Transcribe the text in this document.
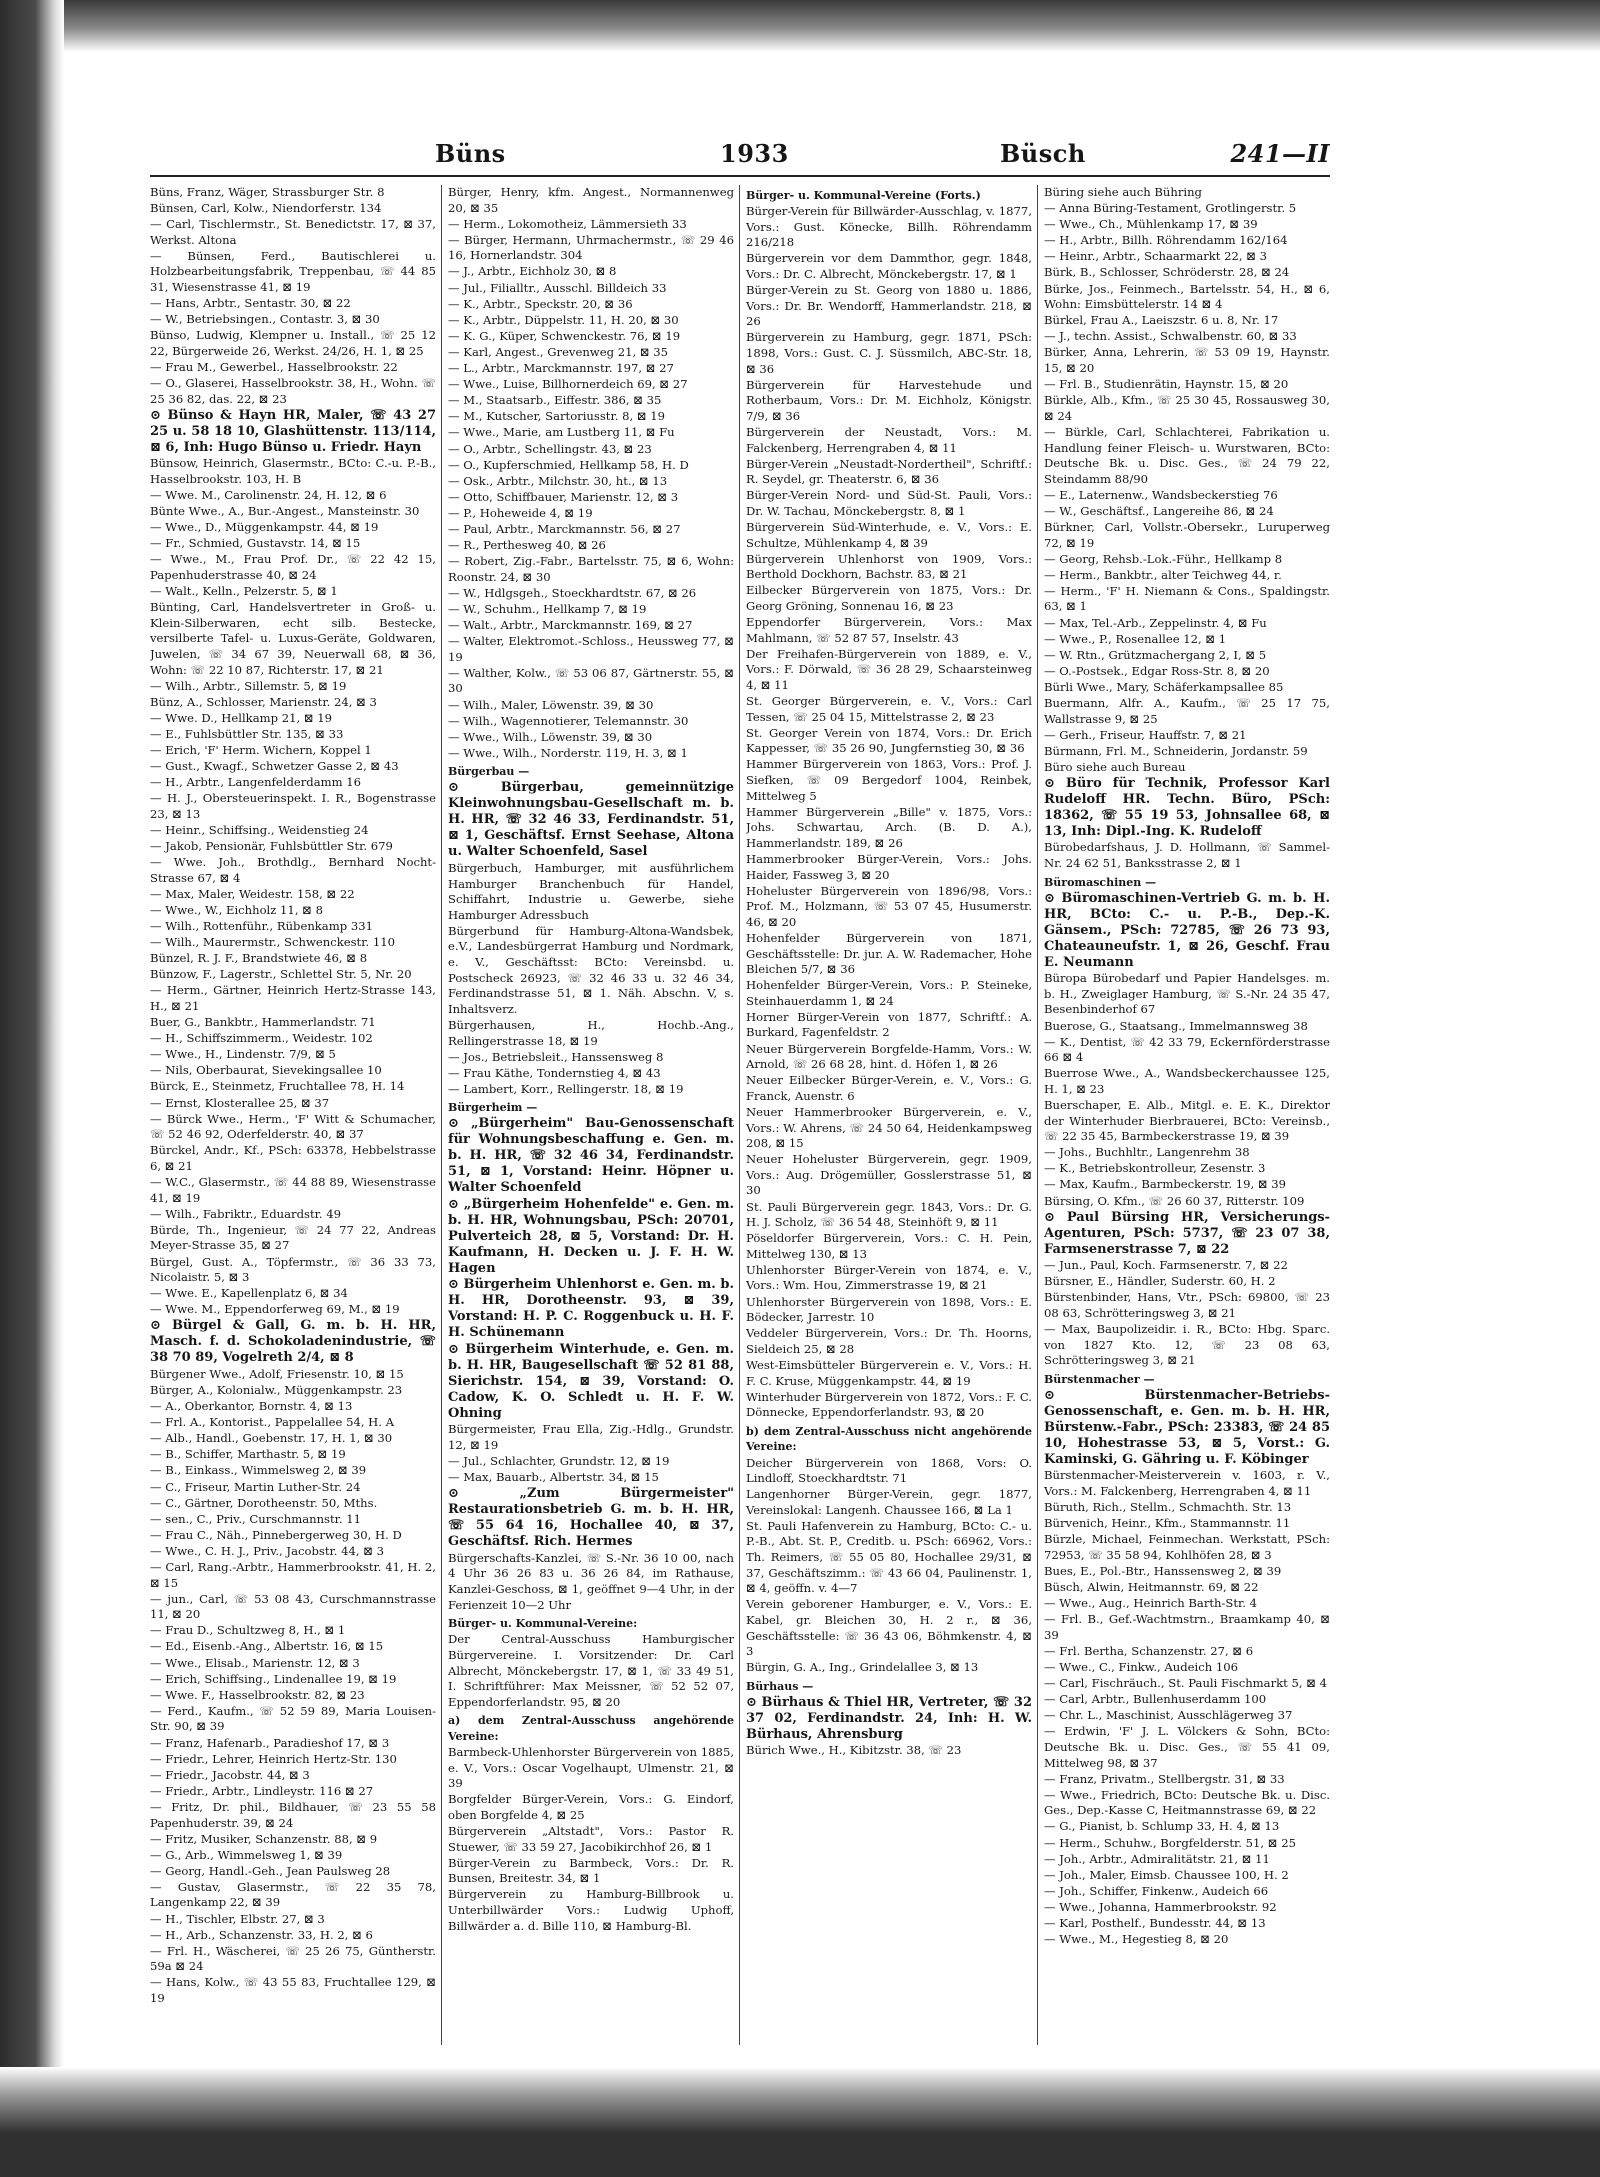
Büns	1933	Büsch	241—II
Büns, Franz, Wäger, Strassburger Str. 8
Bünsen, Carl, Kolw., Niendorferstr. 134
— Carl, Tischlermstr., St. Benedictstr. 17, ⊠ 37, Werkst. Altona
— Bünsen, Ferd., Bautischlerei u. Holzbearbeitungsfabrik, Treppenbau, ☏ 44 85 31, Wiesenstrasse 41, ⊠ 19
— Hans, Arbtr., Sentastr. 30, ⊠ 22
— W., Betriebsingen., Contastr. 3, ⊠ 30
Bünso, Ludwig, Klempner u. Install., ☏ 25 12 22, Bürgerweide 26, Werkst. 24/26, H. 1, ⊠ 25
— Frau M., Gewerbel., Hasselbrookstr. 22
— O., Glaserei, Hasselbrookstr. 38, H., Wohn. ☏ 25 36 82, das. 22, ⊠ 23
⊙ Bünso & Hayn HR, Maler, ☏ 43 27 25 u. 58 18 10, Glashüttenstr. 113/114, ⊠ 6, Inh: Hugo Bünso u. Friedr. Hayn
Bünsow, Heinrich, Glasermstr., BCto: C.-u. P.-B., Hasselbrookstr. 103, H. B
— Wwe. M., Carolinenstr. 24, H. 12, ⊠ 6
Bünte Wwe., A., Bur.-Angest., Mansteinstr. 30
— Wwe., D., Müggenkampstr. 44, ⊠ 19
— Fr., Schmied, Gustavstr. 14, ⊠ 15
— Wwe., M., Frau Prof. Dr., ☏ 22 42 15, Papenhuderstrasse 40, ⊠ 24
— Walt., Kelln., Pelzerstr. 5, ⊠ 1
Bünting, Carl, Handelsvertreter in Groß- u. Klein-Silberwaren, echt silb. Bestecke, versilberte Tafel- u. Luxus-Geräte, Goldwaren, Juwelen, ☏ 34 67 39, Neuerwall 68, ⊠ 36, Wohn: ☏ 22 10 87, Richterstr. 17, ⊠ 21
— Wilh., Arbtr., Sillemstr. 5, ⊠ 19
Bünz, A., Schlosser, Marienstr. 24, ⊠ 3
— Wwe. D., Hellkamp 21, ⊠ 19
— E., Fuhlsbüttler Str. 135, ⊠ 33
— Erich, 'F' Herm. Wichern, Koppel 1
— Gust., Kwagf., Schwetzer Gasse 2, ⊠ 43
— H., Arbtr., Langenfelderdamm 16
— H. J., Obersteuerinspekt. I. R., Bogenstrasse 23, ⊠ 13
— Heinr., Schiffsing., Weidenstieg 24
— Jakob, Pensionär, Fuhlsbüttler Str. 679
— Wwe. Joh., Brothdlg., Bernhard Nocht-Strasse 67, ⊠ 4
— Max, Maler, Weidestr. 158, ⊠ 22
— Wwe., W., Eichholz 11, ⊠ 8
— Wilh., Rottenführ., Rübenkamp 331
— Wilh., Maurermstr., Schwenckestr. 110
Bünzel, R. J. F., Brandstwiete 46, ⊠ 8
Bünzow, F., Lagerstr., Schlettel Str. 5, Nr. 20
— Herm., Gärtner, Heinrich Hertz-Strasse 143, H., ⊠ 21
Buer, G., Bankbtr., Hammerlandstr. 71
— H., Schiffszimmerm., Weidestr. 102
— Wwe., H., Lindenstr. 7/9, ⊠ 5
— Nils, Oberbaurat, Sievekingsallee 10
Bürck, E., Steinmetz, Fruchtallee 78, H. 14
— Ernst, Klosterallee 25, ⊠ 37
— Bürck Wwe., Herm., 'F' Witt & Schumacher, ☏ 52 46 92, Oderfelderstr. 40, ⊠ 37
Bürckel, Andr., Kf., PSch: 63378, Hebbelstrasse 6, ⊠ 21
— W.C., Glasermstr., ☏ 44 88 89, Wiesenstrasse 41, ⊠ 19
— Wilh., Fabriktr., Eduardstr. 49
Bürde, Th., Ingenieur, ☏ 24 77 22, Andreas Meyer-Strasse 35, ⊠ 27
Bürgel, Gust. A., Töpfermstr., ☏ 36 33 73, Nicolaistr. 5, ⊠ 3
— Wwe. E., Kapellenplatz 6, ⊠ 34
— Wwe. M., Eppendorferweg 69, M., ⊠ 19
⊙ Bürgel & Gall, G. m. b. H. HR, Masch. f. d. Schokoladenindustrie, ☏ 38 70 89, Vogelreth 2/4, ⊠ 8
Bürgener Wwe., Adolf, Friesenstr. 10, ⊠ 15
Bürger, A., Kolonialw., Müggenkampstr. 23
— A., Oberkantor, Bornstr. 4, ⊠ 13
— Frl. A., Kontorist., Pappelallee 54, H. A
— Alb., Handl., Goebenstr. 17, H. 1, ⊠ 30
— B., Schiffer, Marthastr. 5, ⊠ 19
— B., Einkass., Wimmelsweg 2, ⊠ 39
— C., Friseur, Martin Luther-Str. 24
— C., Gärtner, Dorotheenstr. 50, Mths.
— sen., C., Priv., Curschmannstr. 11
— Frau C., Näh., Pinnebergerweg 30, H. D
— Wwe., C. H. J., Priv., Jacobstr. 44, ⊠ 3
— Carl, Rang.-Arbtr., Hammerbrookstr. 41, H. 2, ⊠ 15
— jun., Carl, ☏ 53 08 43, Curschmannstrasse 11, ⊠ 20
— Frau D., Schultzweg 8, H., ⊠ 1
— Ed., Eisenb.-Ang., Albertstr. 16, ⊠ 15
— Wwe., Elisab., Marienstr. 12, ⊠ 3
— Erich, Schiffsing., Lindenallee 19, ⊠ 19
— Wwe. F., Hasselbrookstr. 82, ⊠ 23
— Ferd., Kaufm., ☏ 52 59 89, Maria Louisen-Str. 90, ⊠ 39
— Franz, Hafenarb., Paradieshof 17, ⊠ 3
— Friedr., Lehrer, Heinrich Hertz-Str. 130
— Friedr., Jacobstr. 44, ⊠ 3
— Friedr., Arbtr., Lindleystr. 116 ⊠ 27
— Fritz, Dr. phil., Bildhauer, ☏ 23 55 58 Papenhuderstr. 39, ⊠ 24
— Fritz, Musiker, Schanzenstr. 88, ⊠ 9
— G., Arb., Wimmelsweg 1, ⊠ 39
— Georg, Handl.-Geh., Jean Paulsweg 28
— Gustav, Glasermstr., ☏ 22 35 78, Langenkamp 22, ⊠ 39
— H., Tischler, Elbstr. 27, ⊠ 3
— H., Arb., Schanzenstr. 33, H. 2, ⊠ 6
— Frl. H., Wäscherei, ☏ 25 26 75, Güntherstr. 59a ⊠ 24
— Hans, Kolw., ☏ 43 55 83, Fruchtallee 129, ⊠ 19
Bürger, Henry, kfm. Angest., Normannenweg 20, ⊠ 35
— Herm., Lokomotheiz, Lämmersieth 33
— Bürger, Hermann, Uhrmachermstr., ☏ 29 46 16, Hornerlandstr. 304
— J., Arbtr., Eichholz 30, ⊠ 8
— Jul., Filialltr., Ausschl. Billdeich 33
— K., Arbtr., Speckstr. 20, ⊠ 36
— K., Arbtr., Düppelstr. 11, H. 20, ⊠ 30
— K. G., Küper, Schwenckestr. 76, ⊠ 19
— Karl, Angest., Grevenweg 21, ⊠ 35
— L., Arbtr., Marckmannstr. 197, ⊠ 27
— Wwe., Luise, Billhornerdeich 69, ⊠ 27
— M., Staatsarb., Eiffestr. 386, ⊠ 35
— M., Kutscher, Sartoriusstr. 8, ⊠ 19
— Wwe., Marie, am Lustberg 11, ⊠ Fu
— O., Arbtr., Schellingstr. 43, ⊠ 23
— O., Kupferschmied, Hellkamp 58, H. D
— Osk., Arbtr., Milchstr. 30, ht., ⊠ 13
— Otto, Schiffbauer, Marienstr. 12, ⊠ 3
— P., Hoheweide 4, ⊠ 19
— Paul, Arbtr., Marckmannstr. 56, ⊠ 27
— R., Perthesweg 40, ⊠ 26
— Robert, Zig.-Fabr., Bartelsstr. 75, ⊠ 6, Wohn: Roonstr. 24, ⊠ 30
— W., Hdlgsgeh., Stoeckhardtstr. 67, ⊠ 26
— W., Schuhm., Hellkamp 7, ⊠ 19
— Walt., Arbtr., Marckmannstr. 169, ⊠ 27
— Walter, Elektromot.-Schloss., Heussweg 77, ⊠ 19
— Walther, Kolw., ☏ 53 06 87, Gärtnerstr. 55, ⊠ 30
— Wilh., Maler, Löwenstr. 39, ⊠ 30
— Wilh., Wagennotierer, Telemannstr. 30
— Wwe., Wilh., Löwenstr. 39, ⊠ 30
— Wwe., Wilh., Norderstr. 119, H. 3, ⊠ 1
Bürgerbau —
⊙ Bürgerbau, gemeinnützige Kleinwohnungsbau-Gesellschaft m. b. H. HR, ☏ 32 46 33, Ferdinandstr. 51, ⊠ 1, Geschäftsf. Ernst Seehase, Altona u. Walter Schoenfeld, Sasel
Bürgerbuch, Hamburger, mit ausführlichem Hamburger Branchenbuch für Handel, Schiffahrt, Industrie u. Gewerbe, siehe Hamburger Adressbuch
Bürgerbund für Hamburg-Altona-Wandsbek, e.V., Landesbürgerrat Hamburg und Nordmark, e. V., Geschäftsst: BCto: Vereinsbd. u. Postscheck 26923, ☏ 32 46 33 u. 32 46 34, Ferdinandstrasse 51, ⊠ 1. Näh. Abschn. V, s. Inhaltsverz.
Bürgerhausen, H., Hochb.-Ang., Rellingerstrasse 18, ⊠ 19
— Jos., Betriebsleit., Hanssensweg 8
— Frau Käthe, Tondernstieg 4, ⊠ 43
— Lambert, Korr., Rellingerstr. 18, ⊠ 19
Bürgerheim —
⊙ „Bürgerheim" Bau-Genossenschaft für Wohnungsbeschaffung e. Gen. m. b. H. HR, ☏ 32 46 34, Ferdinandstr. 51, ⊠ 1, Vorstand: Heinr. Höpner u. Walter Schoenfeld
⊙ „Bürgerheim Hohenfelde" e. Gen. m. b. H. HR, Wohnungsbau, PSch: 20701, Pulverteich 28, ⊠ 5, Vorstand: Dr. H. Kaufmann, H. Decken u. J. F. H. W. Hagen
⊙ Bürgerheim Uhlenhorst e. Gen. m. b. H. HR, Dorotheenstr. 93, ⊠ 39, Vorstand: H. P. C. Roggenbuck u. H. F. H. Schünemann
⊙ Bürgerheim Winterhude, e. Gen. m. b. H. HR, Baugesellschaft ☏ 52 81 88, Sierichstr. 154, ⊠ 39, Vorstand: O. Cadow, K. O. Schledt u. H. F. W. Ohning
Bürgermeister, Frau Ella, Zig.-Hdlg., Grundstr. 12, ⊠ 19
— Jul., Schlachter, Grundstr. 12, ⊠ 19
— Max, Bauarb., Albertstr. 34, ⊠ 15
⊙ „Zum Bürgermeister" Restaurationsbetrieb G. m. b. H. HR, ☏ 55 64 16, Hochallee 40, ⊠ 37, Geschäftsf. Rich. Hermes
Bürgerschafts-Kanzlei, ☏ S.-Nr. 36 10 00, nach 4 Uhr 36 26 83 u. 36 26 84, im Rathause, Kanzlei-Geschoss, ⊠ 1, geöffnet 9—4 Uhr, in der Ferienzeit 10—2 Uhr
Bürger- u. Kommunal-Vereine:
Der Central-Ausschuss Hamburgischer Bürgervereine. I. Vorsitzender: Dr. Carl Albrecht, Mönckebergstr. 17, ⊠ 1, ☏ 33 49 51, I. Schriftführer: Max Meissner, ☏ 52 52 07, Eppendorferlandstr. 95, ⊠ 20
a) dem Zentral-Ausschuss angehörende Vereine:
Barmbeck-Uhlenhorster Bürgerverein von 1885, e. V., Vors.: Oscar Vogelhaupt, Ulmenstr. 21, ⊠ 39
Borgfelder Bürger-Verein, Vors.: G. Eindorf, oben Borgfelde 4, ⊠ 25
Bürgerverein „Altstadt", Vors.: Pastor R. Stuewer, ☏ 33 59 27, Jacobikirchhof 26, ⊠ 1
Bürger-Verein zu Barmbeck, Vors.: Dr. R. Bunsen, Breitestr. 34, ⊠ 1
Bürgerverein zu Hamburg-Billbrook u. Unterbillwärder Vors.: Ludwig Uphoff, Billwärder a. d. Bille 110, ⊠ Hamburg-Bl.
Bürger- u. Kommunal-Vereine (Forts.)
Bürger-Verein für Billwärder-Ausschlag, v. 1877, Vors.: Gust. Könecke, Billh. Röhrendamm 216/218
Bürgerverein vor dem Dammthor, gegr. 1848, Vors.: Dr. C. Albrecht, Mönckebergstr. 17, ⊠ 1
Bürger-Verein zu St. Georg von 1880 u. 1886, Vors.: Dr. Br. Wendorff, Hammerlandstr. 218, ⊠ 26
Bürgerverein zu Hamburg, gegr. 1871, PSch: 1898, Vors.: Gust. C. J. Süssmilch, ABC-Str. 18, ⊠ 36
Bürgerverein für Harvestehude und Rotherbaum, Vors.: Dr. M. Eichholz, Königstr. 7/9, ⊠ 36
Bürgerverein der Neustadt, Vors.: M. Falckenberg, Herrengraben 4, ⊠ 11
Bürger-Verein „Neustadt-Nordertheil", Schriftf.: R. Seydel, gr. Theaterstr. 6, ⊠ 36
Bürger-Verein Nord- und Süd-St. Pauli, Vors.: Dr. W. Tachau, Mönckebergstr. 8, ⊠ 1
Bürgerverein Süd-Winterhude, e. V., Vors.: E. Schultze, Mühlenkamp 4, ⊠ 39
Bürgerverein Uhlenhorst von 1909, Vors.: Berthold Dockhorn, Bachstr. 83, ⊠ 21
Eilbecker Bürgerverein von 1875, Vors.: Dr. Georg Gröning, Sonnenau 16, ⊠ 23
Eppendorfer Bürgerverein, Vors.: Max Mahlmann, ☏ 52 87 57, Inselstr. 43
Der Freihafen-Bürgerverein von 1889, e. V., Vors.: F. Dörwald, ☏ 36 28 29, Schaarsteinweg 4, ⊠ 11
St. Georger Bürgerverein, e. V., Vors.: Carl Tessen, ☏ 25 04 15, Mittelstrasse 2, ⊠ 23
St. Georger Verein von 1874, Vors.: Dr. Erich Kappesser, ☏ 35 26 90, Jungfernstieg 30, ⊠ 36
Hammer Bürgerverein von 1863, Vors.: Prof. J. Siefken, ☏ 09 Bergedorf 1004, Reinbek, Mittelweg 5
Hammer Bürgerverein „Bille" v. 1875, Vors.: Johs. Schwartau, Arch. (B. D. A.), Hammerlandstr. 189, ⊠ 26
Hammerbrooker Bürger-Verein, Vors.: Johs. Haider, Fassweg 3, ⊠ 20
Hoheluster Bürgerverein von 1896/98, Vors.: Prof. M., Holzmann, ☏ 53 07 45, Husumerstr. 46, ⊠ 20
Hohenfelder Bürgerverein von 1871, Geschäftsstelle: Dr. jur. A. W. Rademacher, Hohe Bleichen 5/7, ⊠ 36
Hohenfelder Bürger-Verein, Vors.: P. Steineke, Steinhauerdamm 1, ⊠ 24
Horner Bürger-Verein von 1877, Schriftf.: A. Burkard, Fagenfeldstr. 2
Neuer Bürgerverein Borgfelde-Hamm, Vors.: W. Arnold, ☏ 26 68 28, hint. d. Höfen 1, ⊠ 26
Neuer Eilbecker Bürger-Verein, e. V., Vors.: G. Franck, Auenstr. 6
Neuer Hammerbrooker Bürgerverein, e. V., Vors.: W. Ahrens, ☏ 24 50 64, Heidenkampsweg 208, ⊠ 15
Neuer Hoheluster Bürgerverein, gegr. 1909, Vors.: Aug. Drögemüller, Gosslerstrasse 51, ⊠ 30
St. Pauli Bürgerverein gegr. 1843, Vors.: Dr. G. H. J. Scholz, ☏ 36 54 48, Steinhöft 9, ⊠ 11
Pöseldorfer Bürgerverein, Vors.: C. H. Pein, Mittelweg 130, ⊠ 13
Uhlenhorster Bürger-Verein von 1874, e. V., Vors.: Wm. Hou, Zimmerstrasse 19, ⊠ 21
Uhlenhorster Bürgerverein von 1898, Vors.: E. Bödecker, Jarrestr. 10
Veddeler Bürgerverein, Vors.: Dr. Th. Hoorns, Sieldeich 25, ⊠ 28
West-Eimsbütteler Bürgerverein e. V., Vors.: H. F. C. Kruse, Müggenkampstr. 44, ⊠ 19
Winterhuder Bürgerverein von 1872, Vors.: F. C. Dönnecke, Eppendorferlandstr. 93, ⊠ 20
b) dem Zentral-Ausschuss nicht angehörende Vereine:
Deicher Bürgerverein von 1868, Vors: O. Lindloff, Stoeckhardtstr. 71
Langenhorner Bürger-Verein, gegr. 1877, Vereinslokal: Langenh. Chaussee 166, ⊠ La 1
St. Pauli Hafenverein zu Hamburg, BCto: C.- u. P.-B., Abt. St. P., Creditb. u. PSch: 66962, Vors.: Th. Reimers, ☏ 55 05 80, Hochallee 29/31, ⊠ 37, Geschäftszimm.: ☏ 43 66 04, Paulinenstr. 1, ⊠ 4, geöffn. v. 4—7
Verein geborener Hamburger, e. V., Vors.: E. Kabel, gr. Bleichen 30, H. 2 r., ⊠ 36, Geschäftsstelle: ☏ 36 43 06, Böhmkenstr. 4, ⊠ 3
Bürgin, G. A., Ing., Grindelallee 3, ⊠ 13
Bürhaus —
⊙ Bürhaus & Thiel HR, Vertreter, ☏ 32 37 02, Ferdinandstr. 24, Inh: H. W. Bürhaus, Ahrensburg
Bürich Wwe., H., Kibitzstr. 38, ☏ 23
Büring siehe auch Bühring
— Anna Büring-Testament, Grotlingerstr. 5
— Wwe., Ch., Mühlenkamp 17, ⊠ 39
— H., Arbtr., Billh. Röhrendamm 162/164
— Heinr., Arbtr., Schaarmarkt 22, ⊠ 3
Bürk, B., Schlosser, Schröderstr. 28, ⊠ 24
Bürke, Jos., Feinmech., Bartelsstr. 54, H., ⊠ 6, Wohn: Eimsbüttelerstr. 14 ⊠ 4
Bürkel, Frau A., Laeiszstr. 6 u. 8, Nr. 17
— J., techn. Assist., Schwalbenstr. 60, ⊠ 33
Bürker, Anna, Lehrerin, ☏ 53 09 19, Haynstr. 15, ⊠ 20
— Frl. B., Studienrätin, Haynstr. 15, ⊠ 20
Bürkle, Alb., Kfm., ☏ 25 30 45, Rossausweg 30, ⊠ 24
— Bürkle, Carl, Schlachterei, Fabrikation u. Handlung feiner Fleisch- u. Wurstwaren, BCto: Deutsche Bk. u. Disc. Ges., ☏ 24 79 22, Steindamm 88/90
— E., Laternenw., Wandsbeckerstieg 76
— W., Geschäftsf., Langereihe 86, ⊠ 24
Bürkner, Carl, Vollstr.-Obersekr., Luruperweg 72, ⊠ 19
— Georg, Rehsb.-Lok.-Führ., Hellkamp 8
— Herm., Bankbtr., alter Teichweg 44, r.
— Herm., 'F' H. Niemann & Cons., Spaldingstr. 63, ⊠ 1
— Max, Tel.-Arb., Zeppelinstr. 4, ⊠ Fu
— Wwe., P., Rosenallee 12, ⊠ 1
— W. Rtn., Grützmachergang 2, I, ⊠ 5
— O.-Postsek., Edgar Ross-Str. 8, ⊠ 20
Bürli Wwe., Mary, Schäferkampsallee 85
Buermann, Alfr. A., Kaufm., ☏ 25 17 75, Wallstrasse 9, ⊠ 25
— Gerh., Friseur, Hauffstr. 7, ⊠ 21
Bürmann, Frl. M., Schneiderin, Jordanstr. 59
Büro siehe auch Bureau
⊙ Büro für Technik, Professor Karl Rudeloff HR. Techn. Büro, PSch: 18362, ☏ 55 19 53, Johnsallee 68, ⊠ 13, Inh: Dipl.-Ing. K. Rudeloff
Bürobedarfshaus, J. D. Hollmann, ☏ Sammel-Nr. 24 62 51, Banksstrasse 2, ⊠ 1
Büromaschinen —
⊙ Büromaschinen-Vertrieb G. m. b. H. HR, BCto: C.- u. P.-B., Dep.-K. Gänsem., PSch: 72785, ☏ 26 73 93, Chateauneufstr. 1, ⊠ 26, Geschf. Frau E. Neumann
Büropa Bürobedarf und Papier Handelsges. m. b. H., Zweiglager Hamburg, ☏ S.-Nr. 24 35 47, Besenbinderhof 67
Buerose, G., Staatsang., Immelmannsweg 38
— K., Dentist, ☏ 42 33 79, Eckernförderstrasse 66 ⊠ 4
Buerrose Wwe., A., Wandsbeckerchaussee 125, H. 1, ⊠ 23
Buerschaper, E. Alb., Mitgl. e. E. K., Direktor der Winterhuder Bierbrauerei, BCto: Vereinsb., ☏ 22 35 45, Barmbeckerstrasse 19, ⊠ 39
— Johs., Buchhltr., Langenrehm 38
— K., Betriebskontrolleur, Zesenstr. 3
— Max, Kaufm., Barmbeckerstr. 19, ⊠ 39
Bürsing, O. Kfm., ☏ 26 60 37, Ritterstr. 109
⊙ Paul Bürsing HR, Versicherungs-Agenturen, PSch: 5737, ☏ 23 07 38, Farmsenerstrasse 7, ⊠ 22
— Jun., Paul, Koch. Farmsenerstr. 7, ⊠ 22
Bürsner, E., Händler, Suderstr. 60, H. 2
Bürstenbinder, Hans, Vtr., PSch: 69800, ☏ 23 08 63, Schrötteringsweg 3, ⊠ 21
— Max, Baupolizeidir. i. R., BCto: Hbg. Sparc. von 1827 Kto. 12, ☏ 23 08 63, Schrötteringsweg 3, ⊠ 21
Bürstenmacher —
⊙ Bürstenmacher-Betriebs-Genossenschaft, e. Gen. m. b. H. HR, Bürstenw.-Fabr., PSch: 23383, ☏ 24 85 10, Hohestrasse 53, ⊠ 5, Vorst.: G. Kaminski, G. Gähring u. F. Köbinger
Bürstenmacher-Meisterverein v. 1603, r. V., Vors.: M. Falckenberg, Herrengraben 4, ⊠ 11
Büruth, Rich., Stellm., Schmachth. Str. 13
Bürvenich, Heinr., Kfm., Stammannstr. 11
Bürzle, Michael, Feinmechan. Werkstatt, PSch: 72953, ☏ 35 58 94, Kohlhöfen 28, ⊠ 3
Bues, E., Pol.-Btr., Hanssensweg 2, ⊠ 39
Büsch, Alwin, Heitmannstr. 69, ⊠ 22
— Wwe., Aug., Heinrich Barth-Str. 4
— Frl. B., Gef.-Wachtmstrn., Braamkamp 40, ⊠ 39
— Frl. Bertha, Schanzenstr. 27, ⊠ 6
— Wwe., C., Finkw., Audeich 106
— Carl, Fischräuch., St. Pauli Fischmarkt 5, ⊠ 4
— Carl, Arbtr., Bullenhuserdamm 100
— Chr. L., Maschinist, Ausschlägerweg 37
— Erdwin, 'F' J. L. Völckers & Sohn, BCto: Deutsche Bk. u. Disc. Ges., ☏ 55 41 09, Mittelweg 98, ⊠ 37
— Franz, Privatm., Stellbergstr. 31, ⊠ 33
— Wwe., Friedrich, BCto: Deutsche Bk. u. Disc. Ges., Dep.-Kasse C, Heitmannstrasse 69, ⊠ 22
— G., Pianist, b. Schlump 33, H. 4, ⊠ 13
— Herm., Schuhw., Borgfelderstr. 51, ⊠ 25
— Joh., Arbtr., Admiralitätstr. 21, ⊠ 11
— Joh., Maler, Eimsb. Chaussee 100, H. 2
— Joh., Schiffer, Finkenw., Audeich 66
— Wwe., Johanna, Hammerbrookstr. 92
— Karl, Posthelf., Bundesstr. 44, ⊠ 13
— Wwe., M., Hegestieg 8, ⊠ 20
